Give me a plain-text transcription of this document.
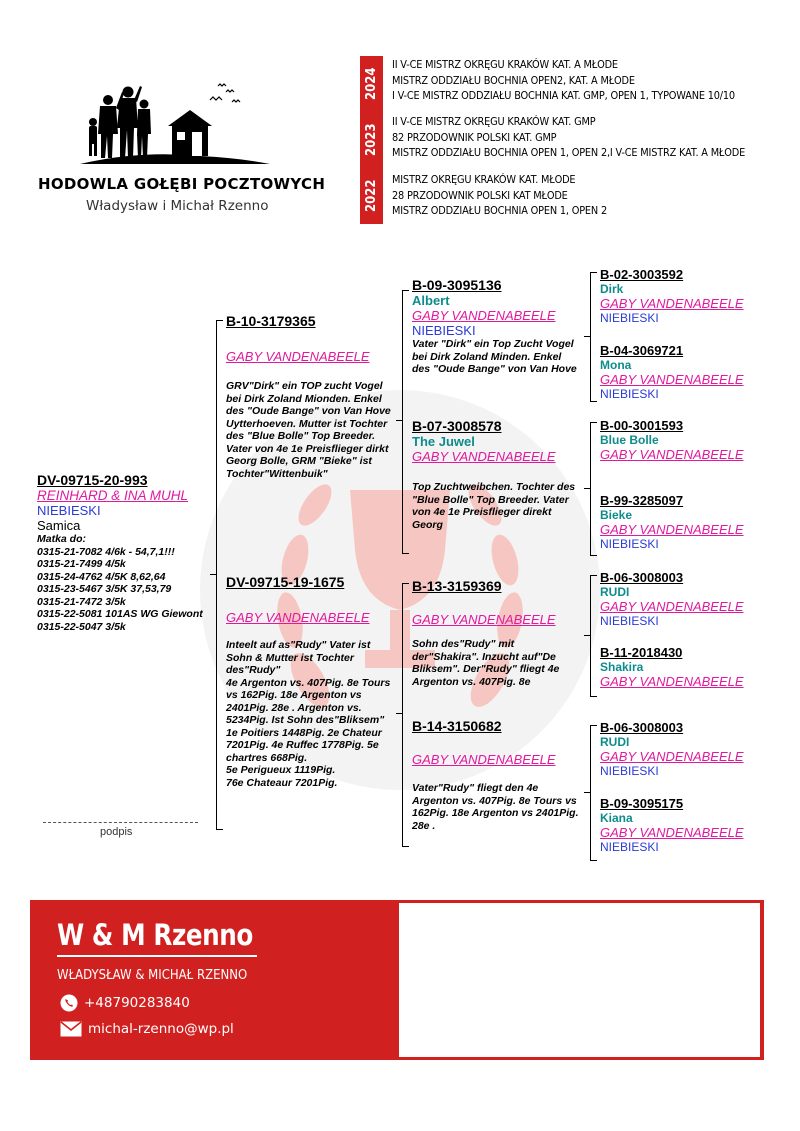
HODOWLA GOŁĘBI POCZTOWYCH
Władysław i Michał Rzenno
2024
2023
2022
II V-CE MISTRZ OKRĘGU KRAKÓW KAT. A MŁODE
MISTRZ ODDZIAŁU BOCHNIA OPEN2, KAT. A MŁODE
I V-CE MISTRZ ODDZIAŁU BOCHNIA KAT. GMP, OPEN 1, TYPOWANE 10/10
II V-CE MISTRZ OKRĘGU KRAKÓW KAT. GMP
82 PRZODOWNIK POLSKI KAT. GMP
MISTRZ ODDZIAŁU BOCHNIA OPEN 1, OPEN 2,I V-CE MISTRZ KAT. A MŁODE
MISTRZ OKRĘGU KRAKÓW KAT. MŁODE
28 PRZODOWNIK POLSKI KAT MŁODE
MISTRZ ODDZIAŁU BOCHNIA OPEN 1, OPEN 2
DV-09715-20-993
REINHARD & INA MUHL
NIEBIESKI
Samica
Matka do:
0315-21-7082 4/6k - 54,7,1!!!
0315-21-7499 4/5k
0315-24-4762 4/5K 8,62,64
0315-23-5467 3/5K 37,53,79
0315-21-7472 3/5k
0315-22-5081 101AS WG Giewont
0315-22-5047 3/5k
B-10-3179365
GABY VANDENABEELE
GRV"Dirk" ein TOP zucht Vogel bei Dirk Zoland Mionden. Enkel des "Oude Bange" von Van Hove Uytterhoeven. Mutter ist Tochter des "Blue Bolle" Top Breeder. Vater von 4e 1e Preisflieger dirkt Georg Bolle, GRM "Bieke" ist Tochter"Wittenbuik"
DV-09715-19-1675
GABY VANDENABEELE
Inteelt auf as"Rudy" Vater ist Sohn & Mutter ist Tochter des"Rudy"
4e Argenton vs. 407Pig. 8e Tours vs 162Pig. 18e Argenton vs 2401Pig. 28e . Argenton vs. 5234Pig. Ist Sohn des"Bliksem" 1e Poitiers 1448Pig. 2e Chateur 7201Pig. 4e Ruffec 1778Pig. 5e chartres 668Pig.
5e Perigueux 1119Pig.
76e Chateaur 7201Pig.
B-09-3095136
Albert
GABY VANDENABEELE
NIEBIESKI
Vater "Dirk" ein Top Zucht Vogel bei Dirk Zoland Minden. Enkel des "Oude Bange" von Van Hove
B-07-3008578
The Juwel
GABY VANDENABEELE
Top Zuchtweibchen. Tochter des "Blue Bolle" Top Breeder. Vater von 4e 1e Preisflieger direkt Georg
B-13-3159369
GABY VANDENABEELE
Sohn des"Rudy" mit der"Shakira". Inzucht auf"De Bliksem". Der"Rudy" fliegt 4e Argenton vs. 407Pig. 8e
B-14-3150682
GABY VANDENABEELE
Vater"Rudy" fliegt den 4e Argenton vs. 407Pig. 8e Tours vs 162Pig. 18e Argenton vs 2401Pig. 28e .
B-02-3003592
Dirk
GABY VANDENABEELE
NIEBIESKI
B-04-3069721
Mona
GABY VANDENABEELE
NIEBIESKI
B-00-3001593
Blue Bolle
GABY VANDENABEELE
B-99-3285097
Bieke
GABY VANDENABEELE
NIEBIESKI
B-06-3008003
RUDI
GABY VANDENABEELE
NIEBIESKI
B-11-2018430
Shakira
GABY VANDENABEELE
B-06-3008003
RUDI
GABY VANDENABEELE
NIEBIESKI
B-09-3095175
Kiana
GABY VANDENABEELE
NIEBIESKI
podpis
W & M Rzenno
WŁADYSŁAW & MICHAŁ RZENNO
+48790283840
michal-rzenno@wp.pl
